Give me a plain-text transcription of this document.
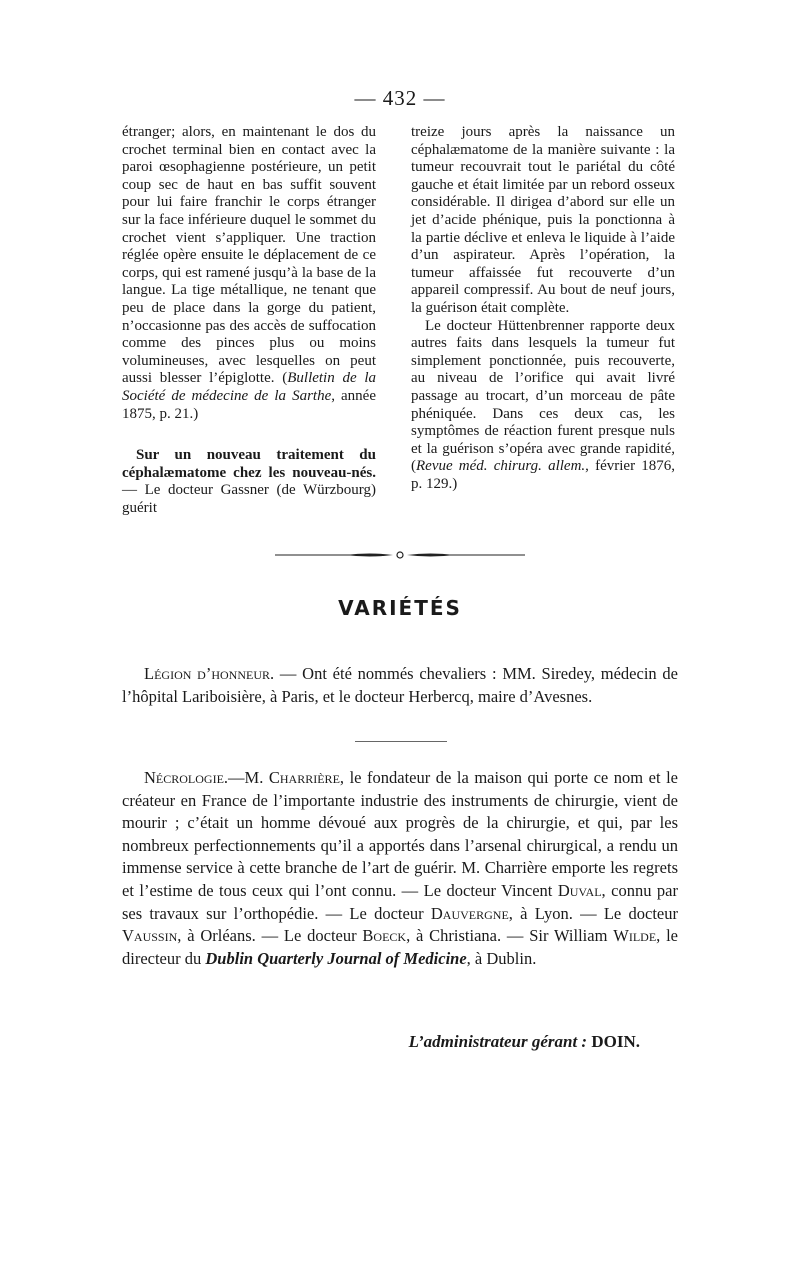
— 432 —

étranger; alors, en maintenant le dos du crochet terminal bien en contact avec la paroi œsophagienne postérieure, un petit coup sec de haut en bas suffit souvent pour lui faire franchir le corps étranger sur la face inférieure duquel le sommet du crochet vient s’appliquer. Une traction réglée opère ensuite le déplacement de ce corps, qui est ramené jusqu’à la base de la langue. La tige métallique, ne tenant que peu de place dans la gorge du patient, n’occasionne pas des accès de suffocation comme des pinces plus ou moins volumineuses, avec lesquelles on peut aussi blesser l’épiglotte. (Bulletin de la Société de médecine de la Sarthe, année 1875, p. 21.)

Sur un nouveau traitement du céphalæmatome chez les nouveau-nés. — Le docteur Gassner (de Würzbourg) guérit

treize jours après la naissance un céphalæmatome de la manière suivante : la tumeur recouvrait tout le pariétal du côté gauche et était limitée par un rebord osseux considérable. Il dirigea d’abord sur elle un jet d’acide phénique, puis la ponctionna à la partie déclive et enleva le liquide à l’aide d’un aspirateur. Après l’opération, la tumeur affaissée fut recouverte d’un appareil compressif. Au bout de neuf jours, la guérison était complète.

Le docteur Hüttenbrenner rapporte deux autres faits dans lesquels la tumeur fut simplement ponctionnée, puis recouverte, au niveau de l’orifice qui avait livré passage au trocart, d’un morceau de pâte phéniquée. Dans ces deux cas, les symptômes de réaction furent presque nuls et la guérison s’opéra avec grande rapidité, (Revue méd. chirurg. allem., février 1876, p. 129.)

VARIÉTÉS

Légion d’honneur. — Ont été nommés chevaliers : MM. Siredey, médecin de l’hôpital Lariboisière, à Paris, et le docteur Herbercq, maire d’Avesnes.

Nécrologie.—M. Charrière, le fondateur de la maison qui porte ce nom et le créateur en France de l’importante industrie des instruments de chirurgie, vient de mourir ; c’était un homme dévoué aux progrès de la chirurgie, et qui, par les nombreux perfectionnements qu’il a apportés dans l’arsenal chirurgical, a rendu un immense service à cette branche de l’art de guérir. M. Charrière emporte les regrets et l’estime de tous ceux qui l’ont connu. — Le docteur Vincent Duval, connu par ses travaux sur l’orthopédie. — Le docteur Dauvergne, à Lyon. — Le docteur Vaussin, à Orléans. — Le docteur Boeck, à Christiana. — Sir William Wilde, le directeur du Dublin Quarterly Journal of Medicine, à Dublin.

L’administrateur gérant : DOIN.
